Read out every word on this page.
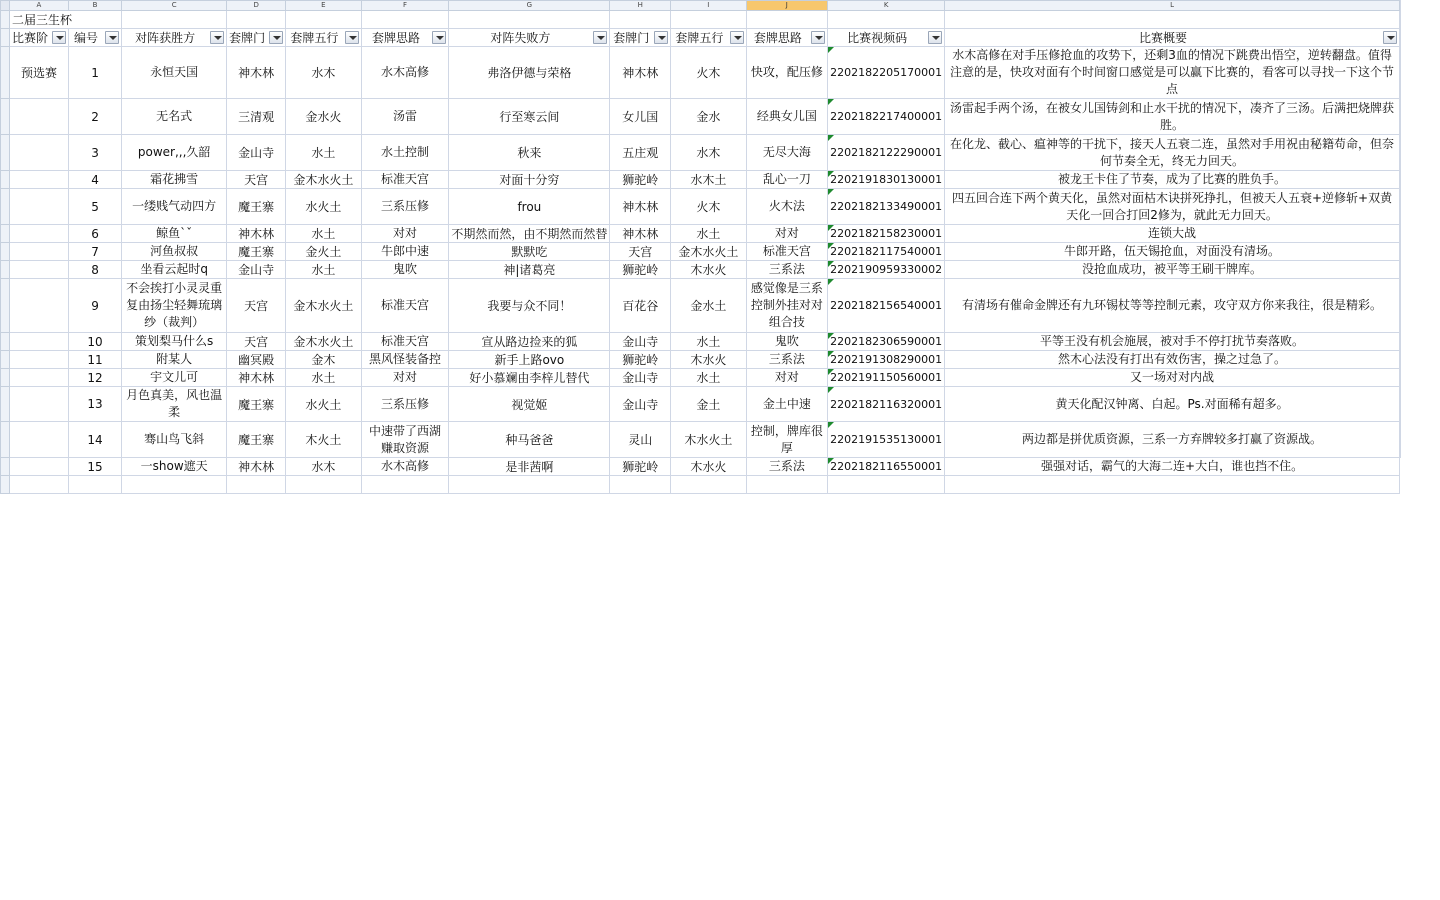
	A	B	C	D	E	F	G	H	I	J	K	L
	二届三生杯											
	比赛阶	编号	对阵获胜方	套牌门	套牌五行	套牌思路	对阵失败方	套牌门	套牌五行	套牌思路	比赛视频码	比赛概要

	预选赛	1	永恒天国	神木林	水木	水木高修	弗洛伊德与荣格	神木林	火木	快攻，配压修	2202182205170001	水木高修在对手压修抢血的攻势下，还剩3血的情况下跳费出悟空，逆转翻盘。值得注意的是，快攻对面有个时间窗口感觉是可以赢下比赛的，看客可以寻找一下这个节点
		2	无名式	三清观	金水火	汤雷	行至寒云间	女儿国	金水	经典女儿国	2202182217400001	汤雷起手两个汤，在被女儿国铸剑和止水干扰的情况下，凑齐了三汤。后满把烧牌获胜。
		3	power,,,久韶	金山寺	水土	水土控制	秋来	五庄观	水木	无尽大海	2202182122290001	在化龙、截心、瘟神等的干扰下，接天人五衰二连，虽然对手用祝由秘籍苟命，但奈何节奏全无，终无力回天。
		4	霜花拂雪	天宫	金木水火土	标准天宫	对面十分穷	狮驼岭	水木土	乱心一刀	2202191830130001	被龙王卡住了节奏，成为了比赛的胜负手。
		5	一缕贱气动四方	魔王寨	水火土	三系压修	frou	神木林	火木	火木法	2202182133490001	四五回合连下两个黄天化，虽然对面枯木诀拼死挣扎，但被天人五衰+逆修斩+双黄天化一回合打回2修为，就此无力回天。
		6	鲸鱼`ˇ	神木林	水土	对对	不期然而然，由不期然而然替	神木林	水土	对对	2202182158230001	连锁大战
		7	河鱼叔叔	魔王寨	金火土	牛郎中速	默默吃	天宫	金木水火土	标准天宫	2202182117540001	牛郎开路，伍天锡抢血，对面没有清场。
		8	坐看云起时q	金山寺	水土	鬼吹	神|诸葛亮	狮驼岭	木水火	三系法	2202190959330002	没抢血成功，被平等王刷干牌库。
		9	不会挨打小灵灵重复由扬尘轻舞琉璃纱（裁判）	天宫	金木水火土	标准天宫	我要与众不同！	百花谷	金水土	感觉像是三系控制外挂对对组合技	2202182156540001	有清场有催命金牌还有九环锡杖等等控制元素，攻守双方你来我往，很是精彩。
		10	策划梨马什么s	天宫	金木水火土	标准天宫	宣从路边捡来的狐	金山寺	水土	鬼吹	2202182306590001	平等王没有机会施展，被对手不停打扰节奏落败。
		11	附某人	幽冥殿	金木	黑风怪装备控	新手上路ovo	狮驼岭	木水火	三系法	2202191308290001	然木心法没有打出有效伤害，操之过急了。
		12	宇文儿可	神木林	水土	对对	好小慕斓由李梓儿替代	金山寺	水土	对对	2202191150560001	又一场对对内战
		13	月色真美，风也温柔	魔王寨	水火土	三系压修	视觉姬	金山寺	金土	金土中速	2202182116320001	黄天化配汉钟离、白起。Ps.对面稀有超多。
		14	骞山鸟飞斜	魔王寨	木火土	中速带了西湖赚取资源	种马爸爸	灵山	木水火土	控制，牌库很厚	2202191535130001	两边都是拼优质资源，三系一方弃牌较多打赢了资源战。
		15	一show遮天	神木林	水木	水木高修	是非茜啊	狮驼岭	木水火	三系法	2202182116550001	强强对话，霸气的大海二连+大白，谁也挡不住。
